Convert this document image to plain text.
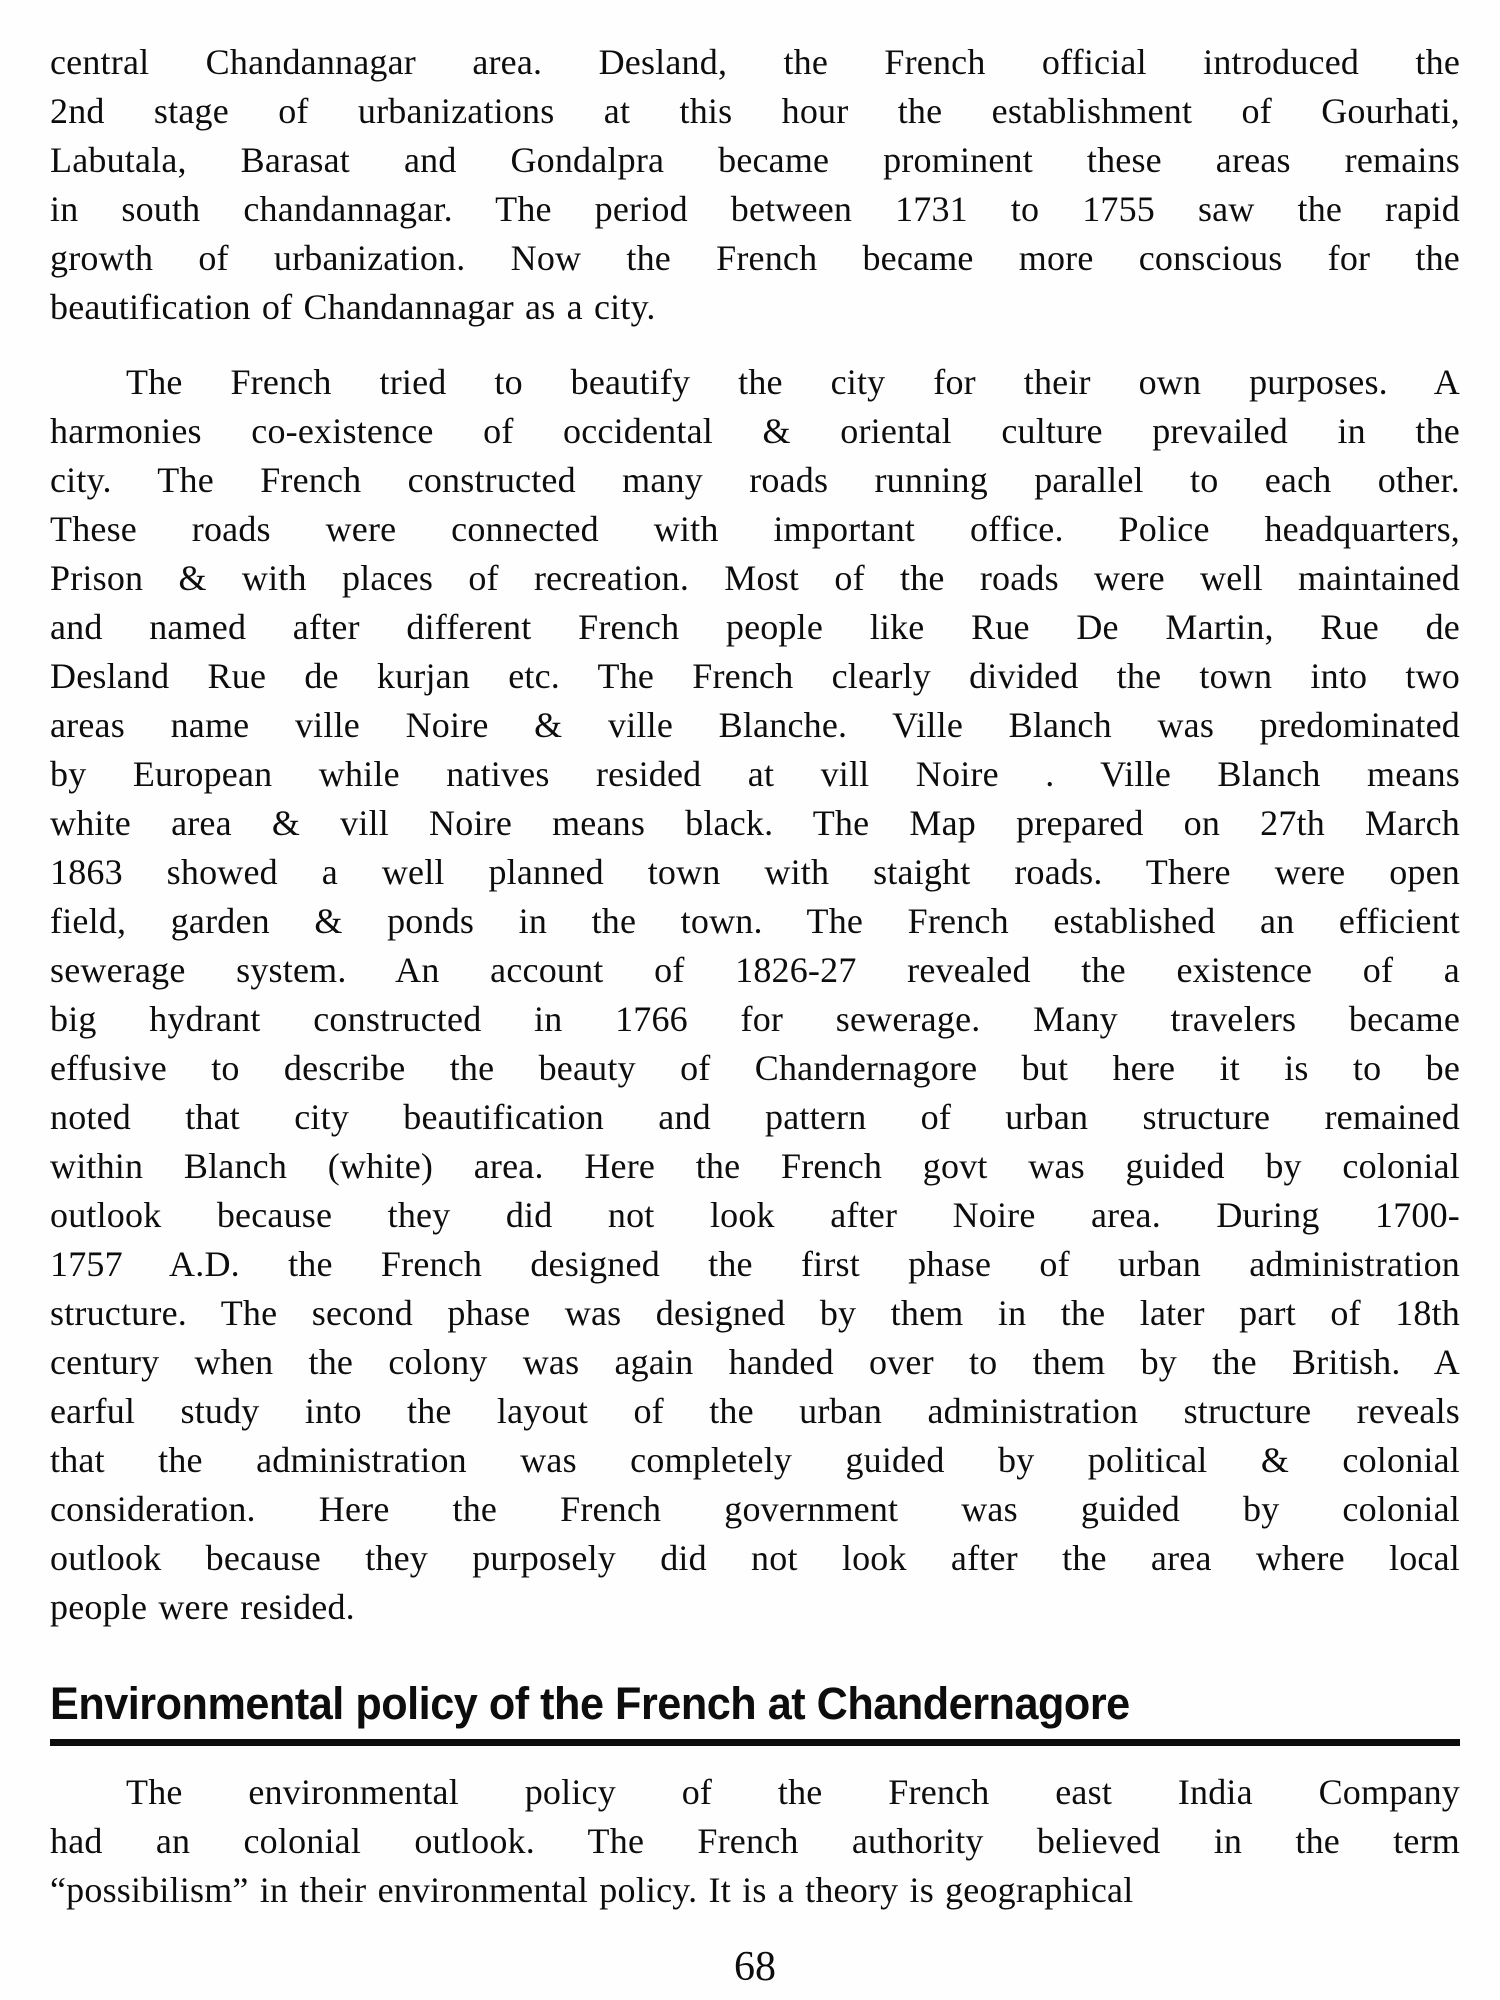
central Chandannagar area. Desland, the French official introduced the
2nd stage of urbanizations at this hour the establishment of Gourhati,
Labutala, Barasat and Gondalpra became prominent these areas remains
in south chandannagar. The period between 1731 to 1755 saw the rapid
growth of urbanization. Now the French became more conscious for the
beautification of Chandannagar as a city.
The French tried to beautify the city for their own purposes. A
harmonies co-existence of occidental & oriental culture prevailed in the
city. The French constructed many roads running parallel to each other.
These roads were connected with important office. Police headquarters,
Prison & with places of recreation. Most of the roads were well maintained
and named after different French people like Rue De Martin, Rue de
Desland Rue de kurjan etc. The French clearly divided the town into two
areas name ville Noire & ville Blanche. Ville Blanch was predominated
by European while natives resided at vill Noire . Ville Blanch means
white area & vill Noire means black. The Map prepared on 27th March
1863 showed a well planned town with staight roads. There were open
field, garden & ponds in the town. The French established an efficient
sewerage system. An account of 1826-27 revealed the existence of a
big hydrant constructed in 1766 for sewerage. Many travelers became
effusive to describe the beauty of Chandernagore but here it is to be
noted that city beautification and pattern of urban structure remained
within Blanch (white) area. Here the French govt was guided by colonial
outlook because they did not look after Noire area. During 1700-
1757 A.D. the French designed the first phase of urban administration
structure. The second phase was designed by them in the later part of 18th
century when the colony was again handed over to them by the British. A
earful study into the layout of the urban administration structure reveals
that the administration was completely guided by political & colonial
consideration. Here the French government was guided by colonial
outlook because they purposely did not look after the area where local
people were resided.
Environmental policy of the French at Chandernagore
The environmental policy of the French east India Company
had an colonial outlook. The French authority believed in the term
“possibilism” in their environmental policy. It is a theory is geographical
68
